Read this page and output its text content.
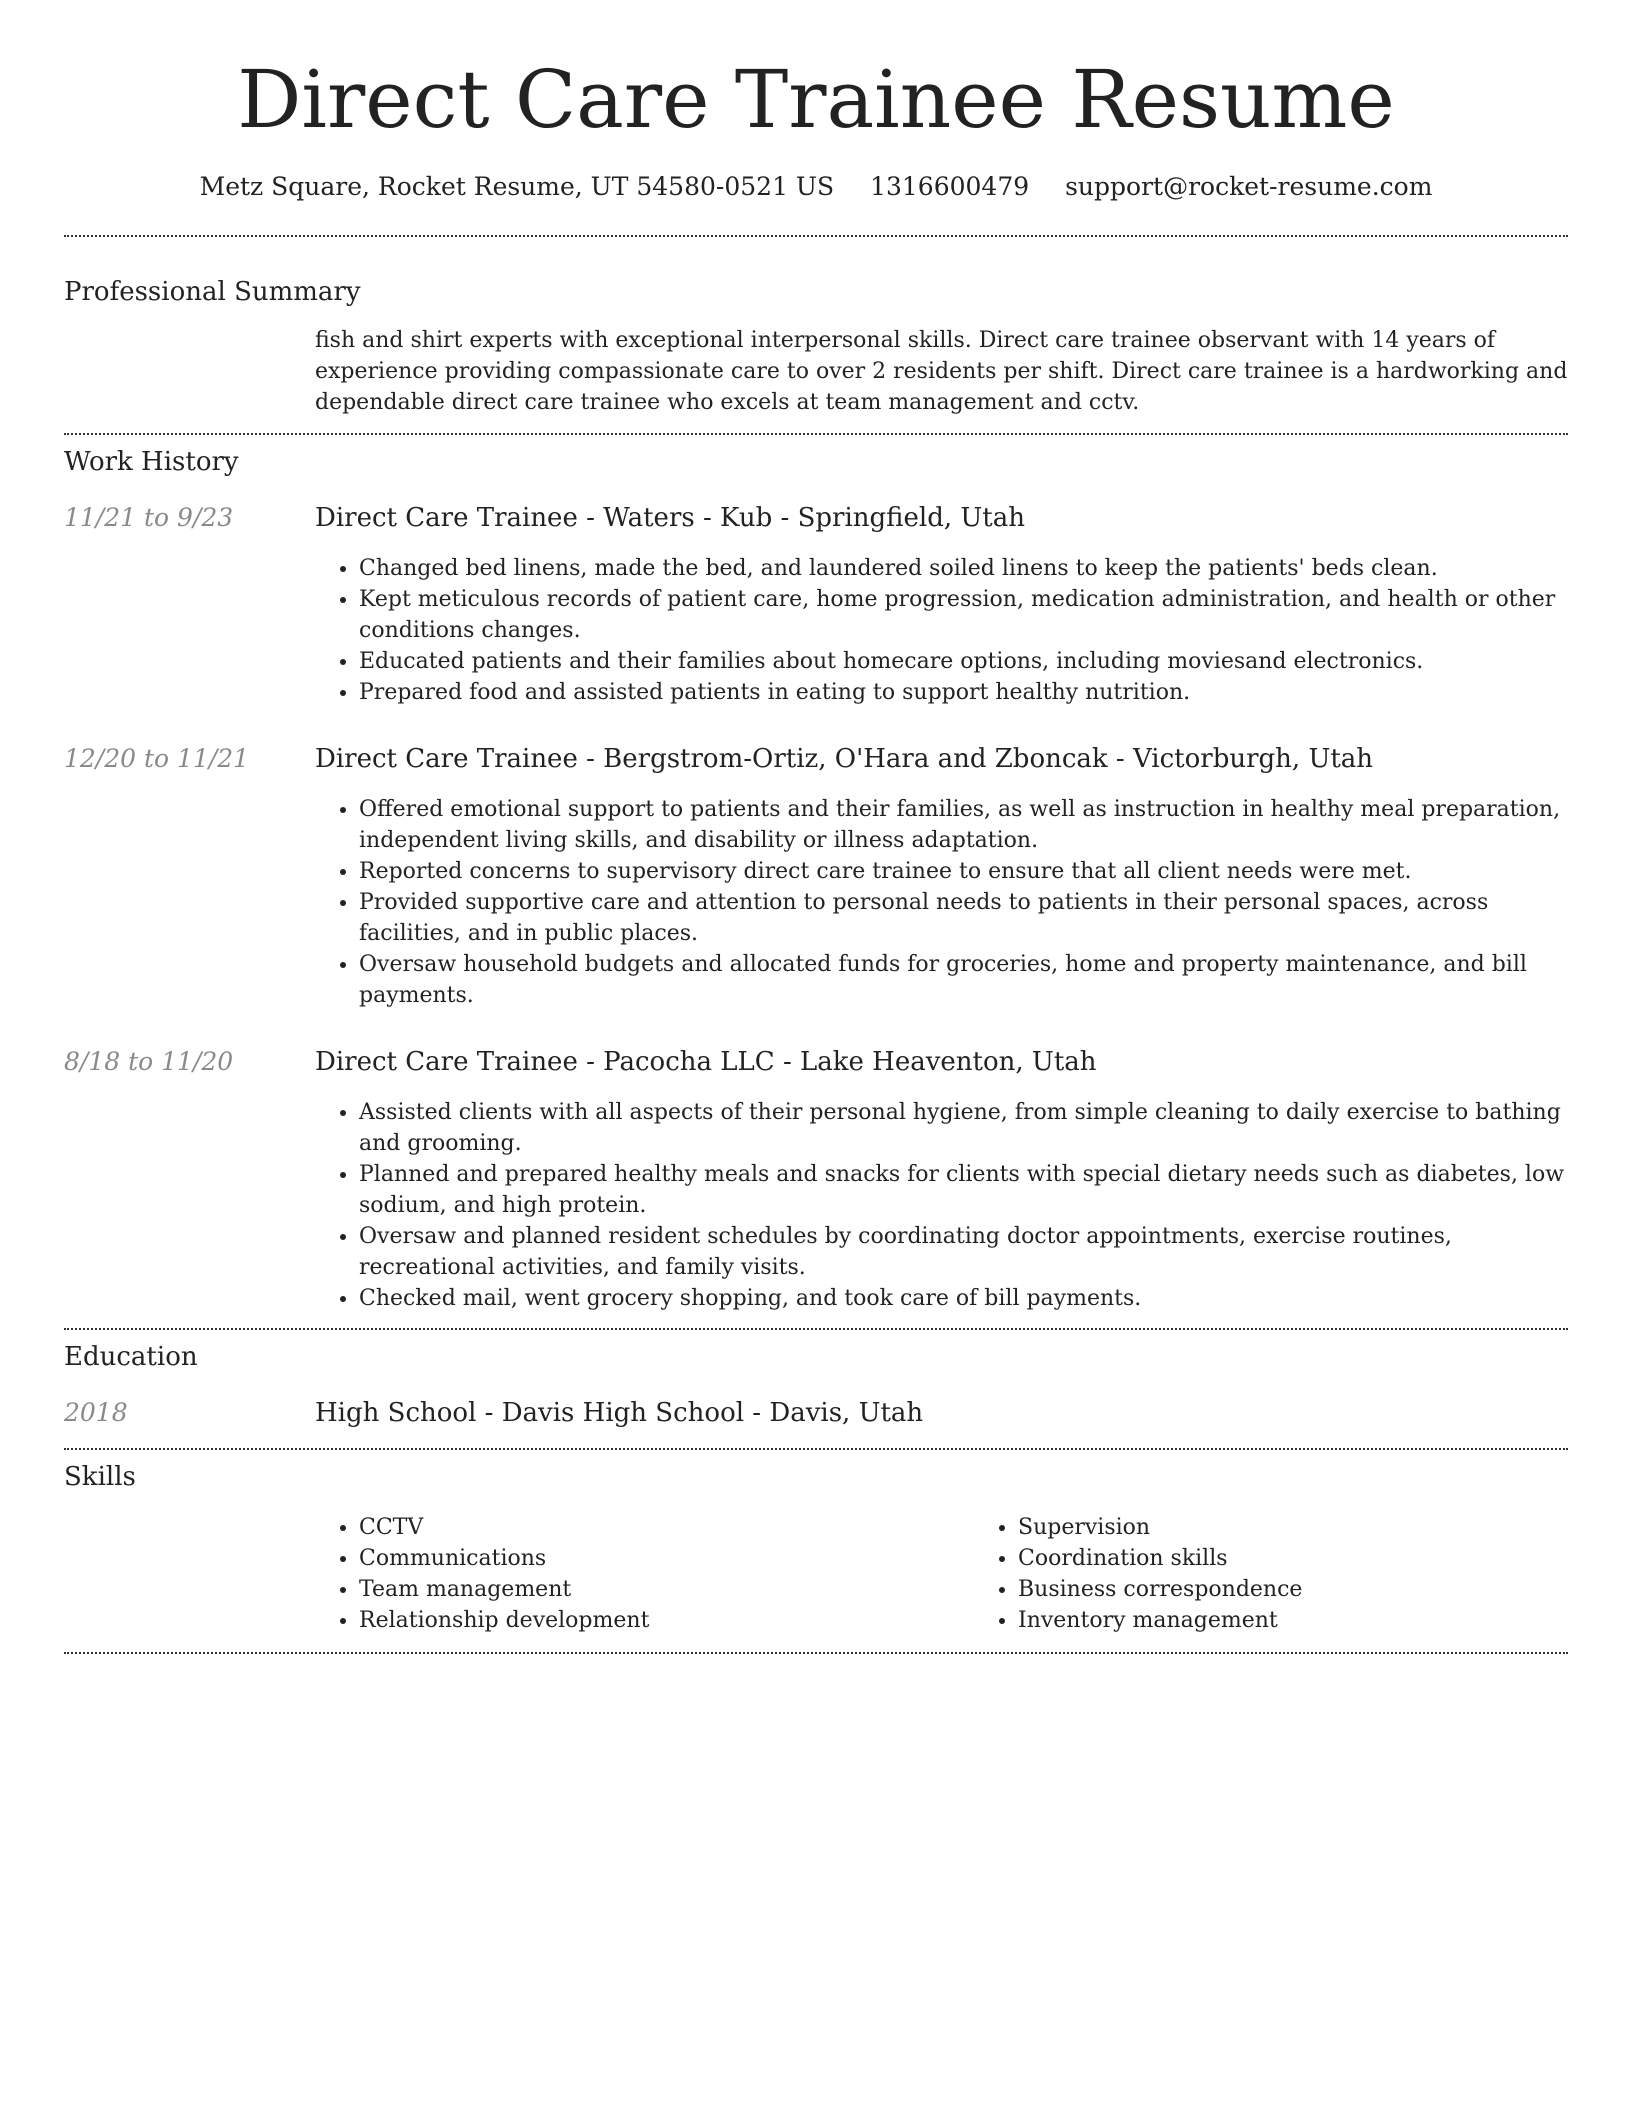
Direct Care Trainee Resume
Metz Square, Rocket Resume, UT 54580-0521 US 1316600479 support@rocket-resume.com
Professional Summary
fish and shirt experts with exceptional interpersonal skills. Direct care trainee observant with 14 years of experience providing compassionate care to over 2 residents per shift. Direct care trainee is a hardworking and dependable direct care trainee who excels at team management and cctv.
Work History
11/21 to 9/23	Direct Care Trainee - Waters - Kub - Springfield, Utah
• Changed bed linens, made the bed, and laundered soiled linens to keep the patients' beds clean.
• Kept meticulous records of patient care, home progression, medication administration, and health or other conditions changes.
• Educated patients and their families about homecare options, including moviesand electronics.
• Prepared food and assisted patients in eating to support healthy nutrition.
12/20 to 11/21	Direct Care Trainee - Bergstrom-Ortiz, O'Hara and Zboncak - Victorburgh, Utah
• Offered emotional support to patients and their families, as well as instruction in healthy meal preparation, independent living skills, and disability or illness adaptation.
• Reported concerns to supervisory direct care trainee to ensure that all client needs were met.
• Provided supportive care and attention to personal needs to patients in their personal spaces, across facilities, and in public places.
• Oversaw household budgets and allocated funds for groceries, home and property maintenance, and bill payments.
8/18 to 11/20	Direct Care Trainee - Pacocha LLC - Lake Heaventon, Utah
• Assisted clients with all aspects of their personal hygiene, from simple cleaning to daily exercise to bathing and grooming.
• Planned and prepared healthy meals and snacks for clients with special dietary needs such as diabetes, low sodium, and high protein.
• Oversaw and planned resident schedules by coordinating doctor appointments, exercise routines, recreational activities, and family visits.
• Checked mail, went grocery shopping, and took care of bill payments.
Education
2018	High School - Davis High School - Davis, Utah
Skills
• CCTV
• Communications
• Team management
• Relationship development
• Supervision
• Coordination skills
• Business correspondence
• Inventory management
